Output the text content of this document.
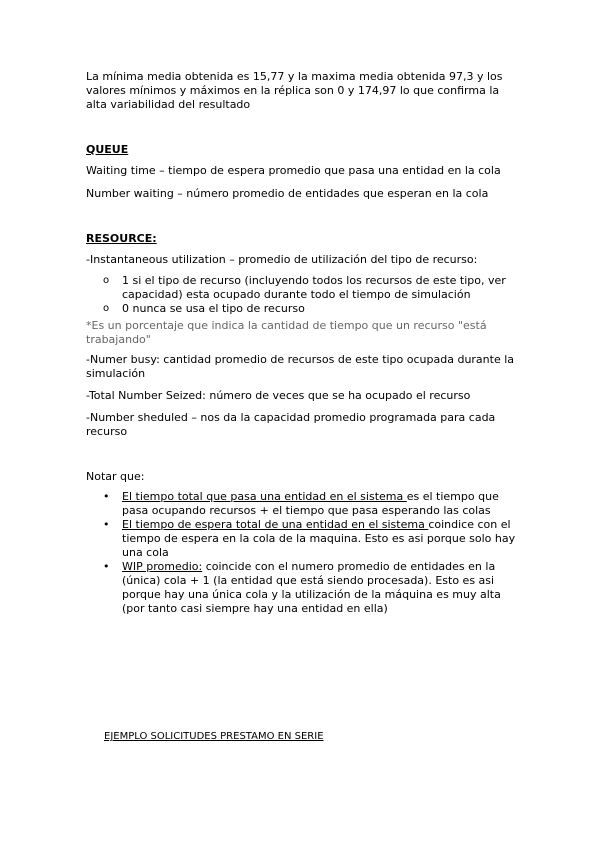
La mínima media obtenida es 15,77 y la maxima media obtenida 97,3 y los valores mínimos y máximos en la réplica son 0 y 174,97 lo que confirma la alta variabilidad del resultado

QUEUE

Waiting time – tiempo de espera promedio que pasa una entidad en la cola

Number waiting – número promedio de entidades que esperan en la cola

RESOURCE:

-Instantaneous utilization – promedio de utilización del tipo de recurso:

o 1 si el tipo de recurso (incluyendo todos los recursos de este tipo, ver capacidad) esta ocupado durante todo el tiempo de simulación
o 0 nunca se usa el tipo de recurso

*Es un porcentaje que indica la cantidad de tiempo que un recurso "está trabajando"

-Numer busy: cantidad promedio de recursos de este tipo ocupada durante la simulación

-Total Number Seized: número de veces que se ha ocupado el recurso

-Number sheduled – nos da la capacidad promedio programada para cada recurso

Notar que:

• El tiempo total que pasa una entidad en el sistema es el tiempo que pasa ocupando recursos + el tiempo que pasa esperando las colas
• El tiempo de espera total de una entidad en el sistema coindice con el tiempo de espera en la cola de la maquina. Esto es asi porque solo hay una cola
• WIP promedio: coincide con el numero promedio de entidades en la (única) cola + 1 (la entidad que está siendo procesada). Esto es asi porque hay una única cola y la utilización de la máquina es muy alta (por tanto casi siempre hay una entidad en ella)

EJEMPLO SOLICITUDES PRESTAMO EN SERIE
